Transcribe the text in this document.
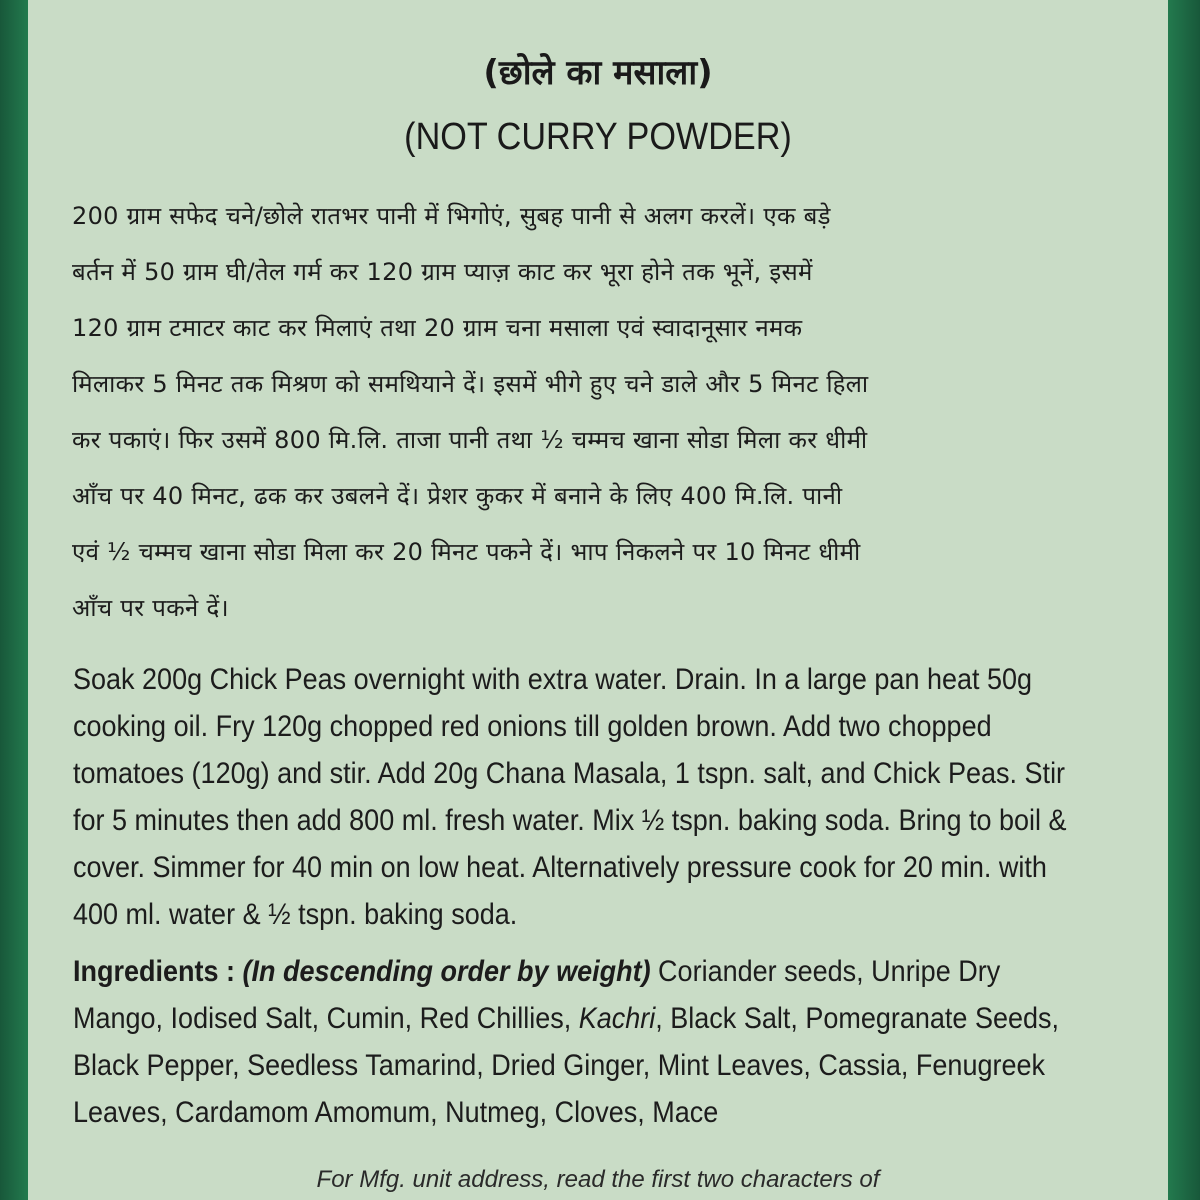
(छोले का मसाला)
(NOT CURRY POWDER)
200 ग्राम सफेद चने/छोले रातभर पानी में भिगोएं, सुबह पानी से अलग करलें। एक बड़े
बर्तन में 50 ग्राम घी/तेल गर्म कर 120 ग्राम प्याज़ काट कर भूरा होने तक भूनें, इसमें
120 ग्राम टमाटर काट कर मिलाएं तथा 20 ग्राम चना मसाला एवं स्वादानूसार नमक
मिलाकर 5 मिनट तक मिश्रण को समथियाने दें। इसमें भीगे हुए चने डाले और 5 मिनट हिला
कर पकाएं। फिर उसमें 800 मि.लि. ताजा पानी तथा ½ चम्मच खाना सोडा मिला कर धीमी
आँच पर 40 मिनट, ढक कर उबलने दें। प्रेशर कुकर में बनाने के लिए 400 मि.लि. पानी
एवं ½ चम्मच खाना सोडा मिला कर 20 मिनट पकने दें। भाप निकलने पर 10 मिनट धीमी
आँच पर पकने दें।
Soak 200g Chick Peas overnight with extra water. Drain. In a large pan heat 50g
cooking oil. Fry 120g chopped red onions till golden brown. Add two chopped
tomatoes (120g) and stir. Add 20g Chana Masala, 1 tspn. salt, and Chick Peas. Stir
for 5 minutes then add 800 ml. fresh water. Mix ½ tspn. baking soda. Bring to boil &
cover. Simmer for 40 min on low heat. Alternatively pressure cook for 20 min. with
400 ml. water & ½ tspn. baking soda.
Ingredients : (In descending order by weight) Coriander seeds, Unripe Dry
Mango, Iodised Salt, Cumin, Red Chillies, Kachri, Black Salt, Pomegranate Seeds,
Black Pepper, Seedless Tamarind, Dried Ginger, Mint Leaves, Cassia, Fenugreek
Leaves, Cardamom Amomum, Nutmeg, Cloves, Mace
For Mfg. unit address, read the first two characters of
